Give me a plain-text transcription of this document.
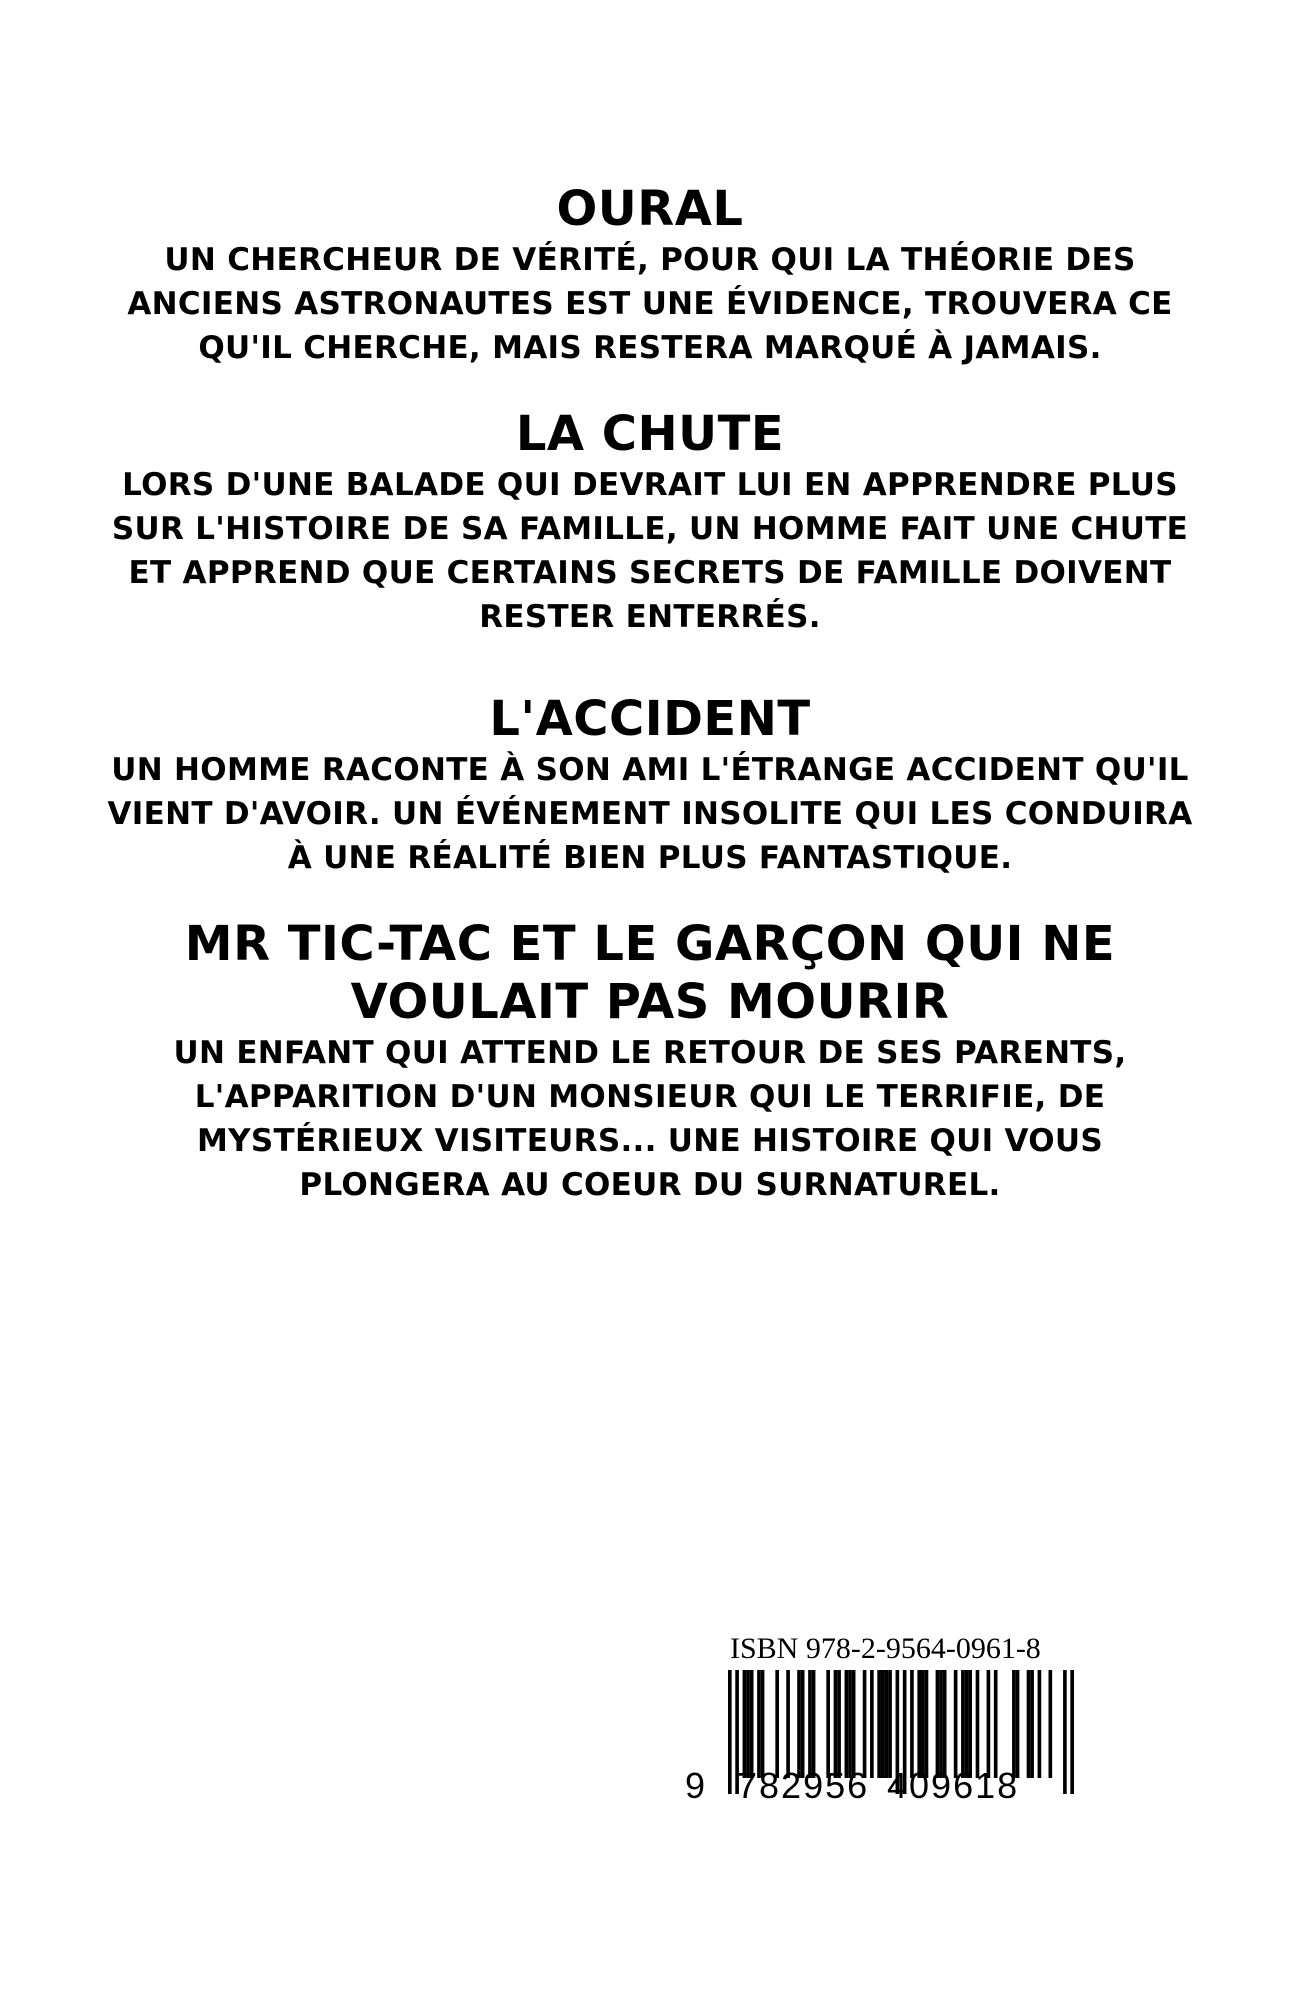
OURAL

UN CHERCHEUR DE VÉRITÉ, POUR QUI LA THÉORIE DES ANCIENS ASTRONAUTES EST UNE ÉVIDENCE, TROUVERA CE QU'IL CHERCHE, MAIS RESTERA MARQUÉ À JAMAIS.

LA CHUTE

LORS D'UNE BALADE QUI DEVRAIT LUI EN APPRENDRE PLUS SUR L'HISTOIRE DE SA FAMILLE, UN HOMME FAIT UNE CHUTE ET APPREND QUE CERTAINS SECRETS DE FAMILLE DOIVENT RESTER ENTERRÉS.

L'ACCIDENT

UN HOMME RACONTE À SON AMI L'ÉTRANGE ACCIDENT QU'IL VIENT D'AVOIR. UN ÉVÉNEMENT INSOLITE QUI LES CONDUIRA À UNE RÉALITÉ BIEN PLUS FANTASTIQUE.

MR TIC-TAC ET LE GARÇON QUI NE VOULAIT PAS MOURIR

UN ENFANT QUI ATTEND LE RETOUR DE SES PARENTS, L'APPARITION D'UN MONSIEUR QUI LE TERRIFIE, DE MYSTÉRIEUX VISITEURS... UNE HISTOIRE QUI VOUS PLONGERA AU COEUR DU SURNATUREL.

ISBN 978-2-9564-0961-8
9 782956 409618
